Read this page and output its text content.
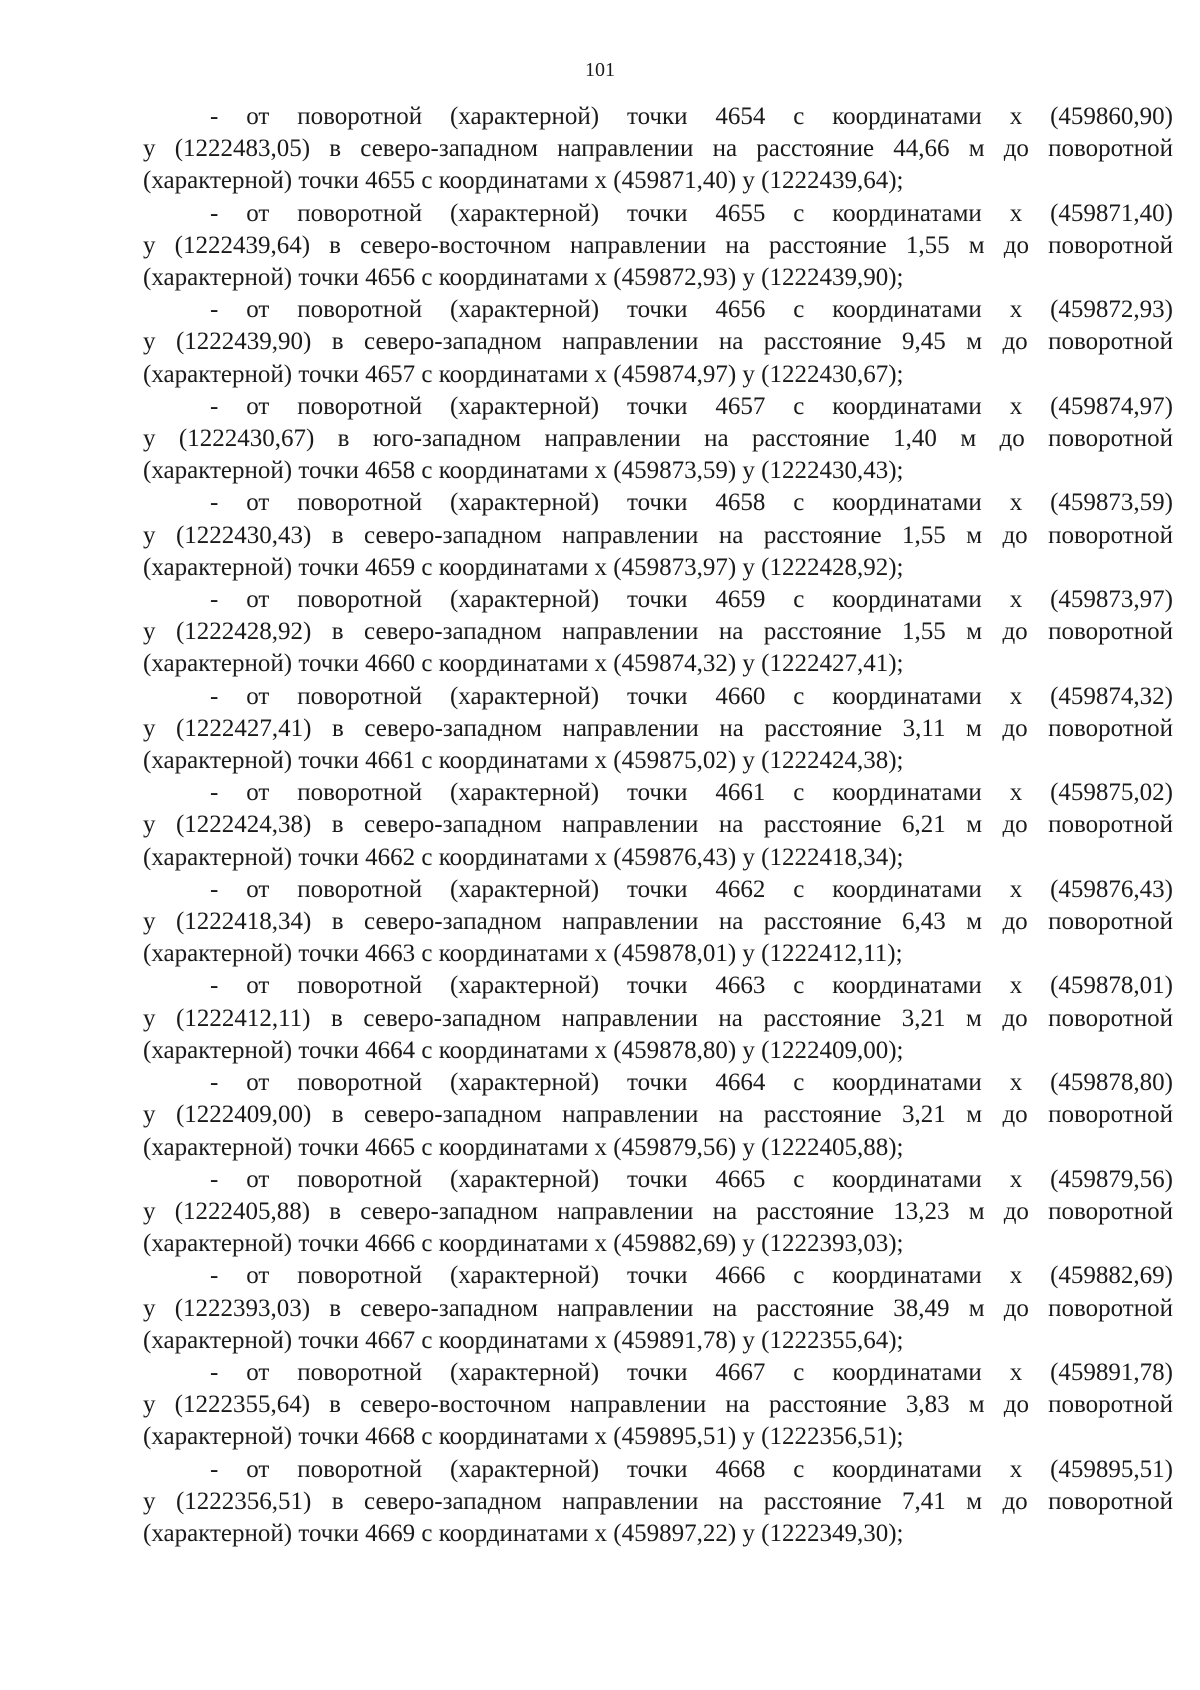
101

- от поворотной (характерной) точки 4654 с координатами x (459860,90)
у (1222483,05) в северо-западном направлении на расстояние 44,66 м до поворотной
(характерной) точки 4655 с координатами x (459871,40) у (1222439,64);

- от поворотной (характерной) точки 4655 с координатами x (459871,40)
у (1222439,64) в северо-восточном направлении на расстояние 1,55 м до поворотной
(характерной) точки 4656 с координатами x (459872,93) у (1222439,90);

- от поворотной (характерной) точки 4656 с координатами x (459872,93)
у (1222439,90) в северо-западном направлении на расстояние 9,45 м до поворотной
(характерной) точки 4657 с координатами x (459874,97) у (1222430,67);

- от поворотной (характерной) точки 4657 с координатами x (459874,97)
у (1222430,67) в юго-западном направлении на расстояние 1,40 м до поворотной
(характерной) точки 4658 с координатами x (459873,59) у (1222430,43);

- от поворотной (характерной) точки 4658 с координатами x (459873,59)
у (1222430,43) в северо-западном направлении на расстояние 1,55 м до поворотной
(характерной) точки 4659 с координатами x (459873,97) у (1222428,92);

- от поворотной (характерной) точки 4659 с координатами x (459873,97)
у (1222428,92) в северо-западном направлении на расстояние 1,55 м до поворотной
(характерной) точки 4660 с координатами x (459874,32) у (1222427,41);

- от поворотной (характерной) точки 4660 с координатами x (459874,32)
у (1222427,41) в северо-западном направлении на расстояние 3,11 м до поворотной
(характерной) точки 4661 с координатами x (459875,02) у (1222424,38);

- от поворотной (характерной) точки 4661 с координатами x (459875,02)
у (1222424,38) в северо-западном направлении на расстояние 6,21 м до поворотной
(характерной) точки 4662 с координатами x (459876,43) у (1222418,34);

- от поворотной (характерной) точки 4662 с координатами x (459876,43)
у (1222418,34) в северо-западном направлении на расстояние 6,43 м до поворотной
(характерной) точки 4663 с координатами x (459878,01) у (1222412,11);

- от поворотной (характерной) точки 4663 с координатами x (459878,01)
у (1222412,11) в северо-западном направлении на расстояние 3,21 м до поворотной
(характерной) точки 4664 с координатами x (459878,80) у (1222409,00);

- от поворотной (характерной) точки 4664 с координатами x (459878,80)
у (1222409,00) в северо-западном направлении на расстояние 3,21 м до поворотной
(характерной) точки 4665 с координатами x (459879,56) у (1222405,88);

- от поворотной (характерной) точки 4665 с координатами x (459879,56)
у (1222405,88) в северо-западном направлении на расстояние 13,23 м до поворотной
(характерной) точки 4666 с координатами x (459882,69) у (1222393,03);

- от поворотной (характерной) точки 4666 с координатами x (459882,69)
у (1222393,03) в северо-западном направлении на расстояние 38,49 м до поворотной
(характерной) точки 4667 с координатами x (459891,78) у (1222355,64);

- от поворотной (характерной) точки 4667 с координатами x (459891,78)
у (1222355,64) в северо-восточном направлении на расстояние 3,83 м до поворотной
(характерной) точки 4668 с координатами x (459895,51) у (1222356,51);

- от поворотной (характерной) точки 4668 с координатами x (459895,51)
у (1222356,51) в северо-западном направлении на расстояние 7,41 м до поворотной
(характерной) точки 4669 с координатами x (459897,22) у (1222349,30);
